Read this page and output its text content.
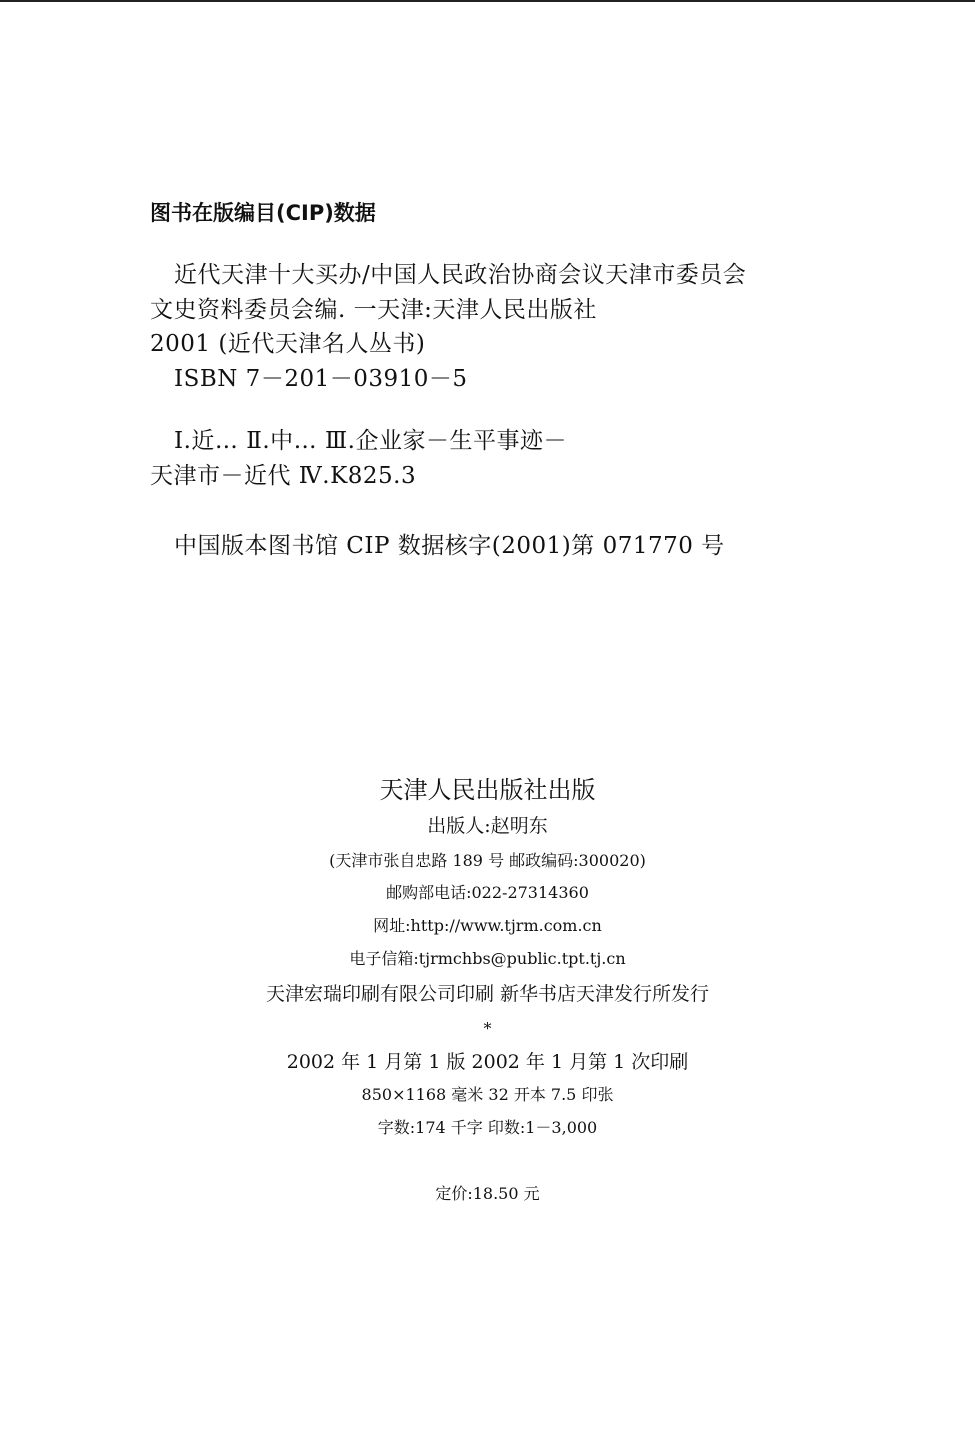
图书在版编目(CIP)数据
近代天津十大买办/中国人民政治协商会议天津市委员会
文史资料委员会编. 一天津:天津人民出版社
2001 (近代天津名人丛书)
ISBN 7－201－03910－5
Ⅰ.近… Ⅱ.中… Ⅲ.企业家－生平事迹－
天津市－近代 Ⅳ.K825.3
中国版本图书馆 CIP 数据核字(2001)第 071770 号
天津人民出版社出版
出版人:赵明东
(天津市张自忠路 189 号 邮政编码:300020)
邮购部电话:022-27314360
网址:http://www.tjrm.com.cn
电子信箱:tjrmchbs@public.tpt.tj.cn
天津宏瑞印刷有限公司印刷 新华书店天津发行所发行
*
2002 年 1 月第 1 版 2002 年 1 月第 1 次印刷
850×1168 毫米 32 开本 7.5 印张
字数:174 千字 印数:1－3,000
定价:18.50 元
